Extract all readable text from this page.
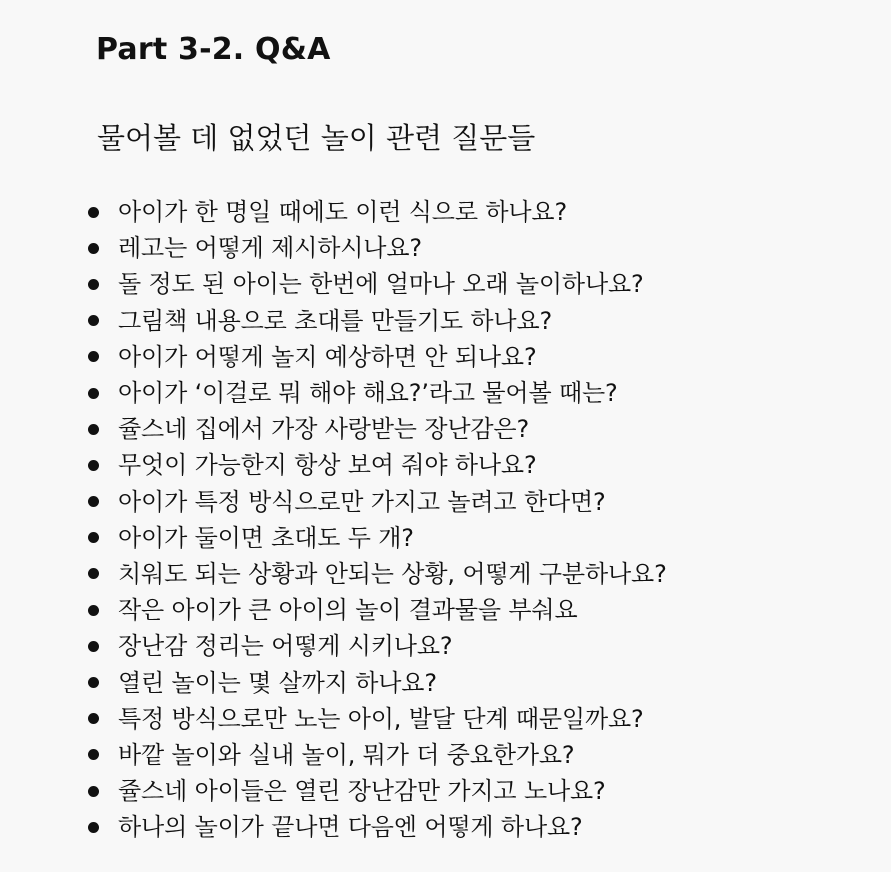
Part 3-2. Q&A
물어볼 데 없었던 놀이 관련 질문들
아이가 한 명일 때에도 이런 식으로 하나요?
레고는 어떻게 제시하시나요?
돌 정도 된 아이는 한번에 얼마나 오래 놀이하나요?
그림책 내용으로 초대를 만들기도 하나요?
아이가 어떻게 놀지 예상하면 안 되나요?
아이가 ‘이걸로 뭐 해야 해요?’라고 물어볼 때는?
쥴스네 집에서 가장 사랑받는 장난감은?
무엇이 가능한지 항상 보여 줘야 하나요?
아이가 특정 방식으로만 가지고 놀려고 한다면?
아이가 둘이면 초대도 두 개?
치워도 되는 상황과 안되는 상황, 어떻게 구분하나요?
작은 아이가 큰 아이의 놀이 결과물을 부숴요
장난감 정리는 어떻게 시키나요?
열린 놀이는 몇 살까지 하나요?
특정 방식으로만 노는 아이, 발달 단계 때문일까요?
바깥 놀이와 실내 놀이, 뭐가 더 중요한가요?
쥴스네 아이들은 열린 장난감만 가지고 노나요?
하나의 놀이가 끝나면 다음엔 어떻게 하나요?
